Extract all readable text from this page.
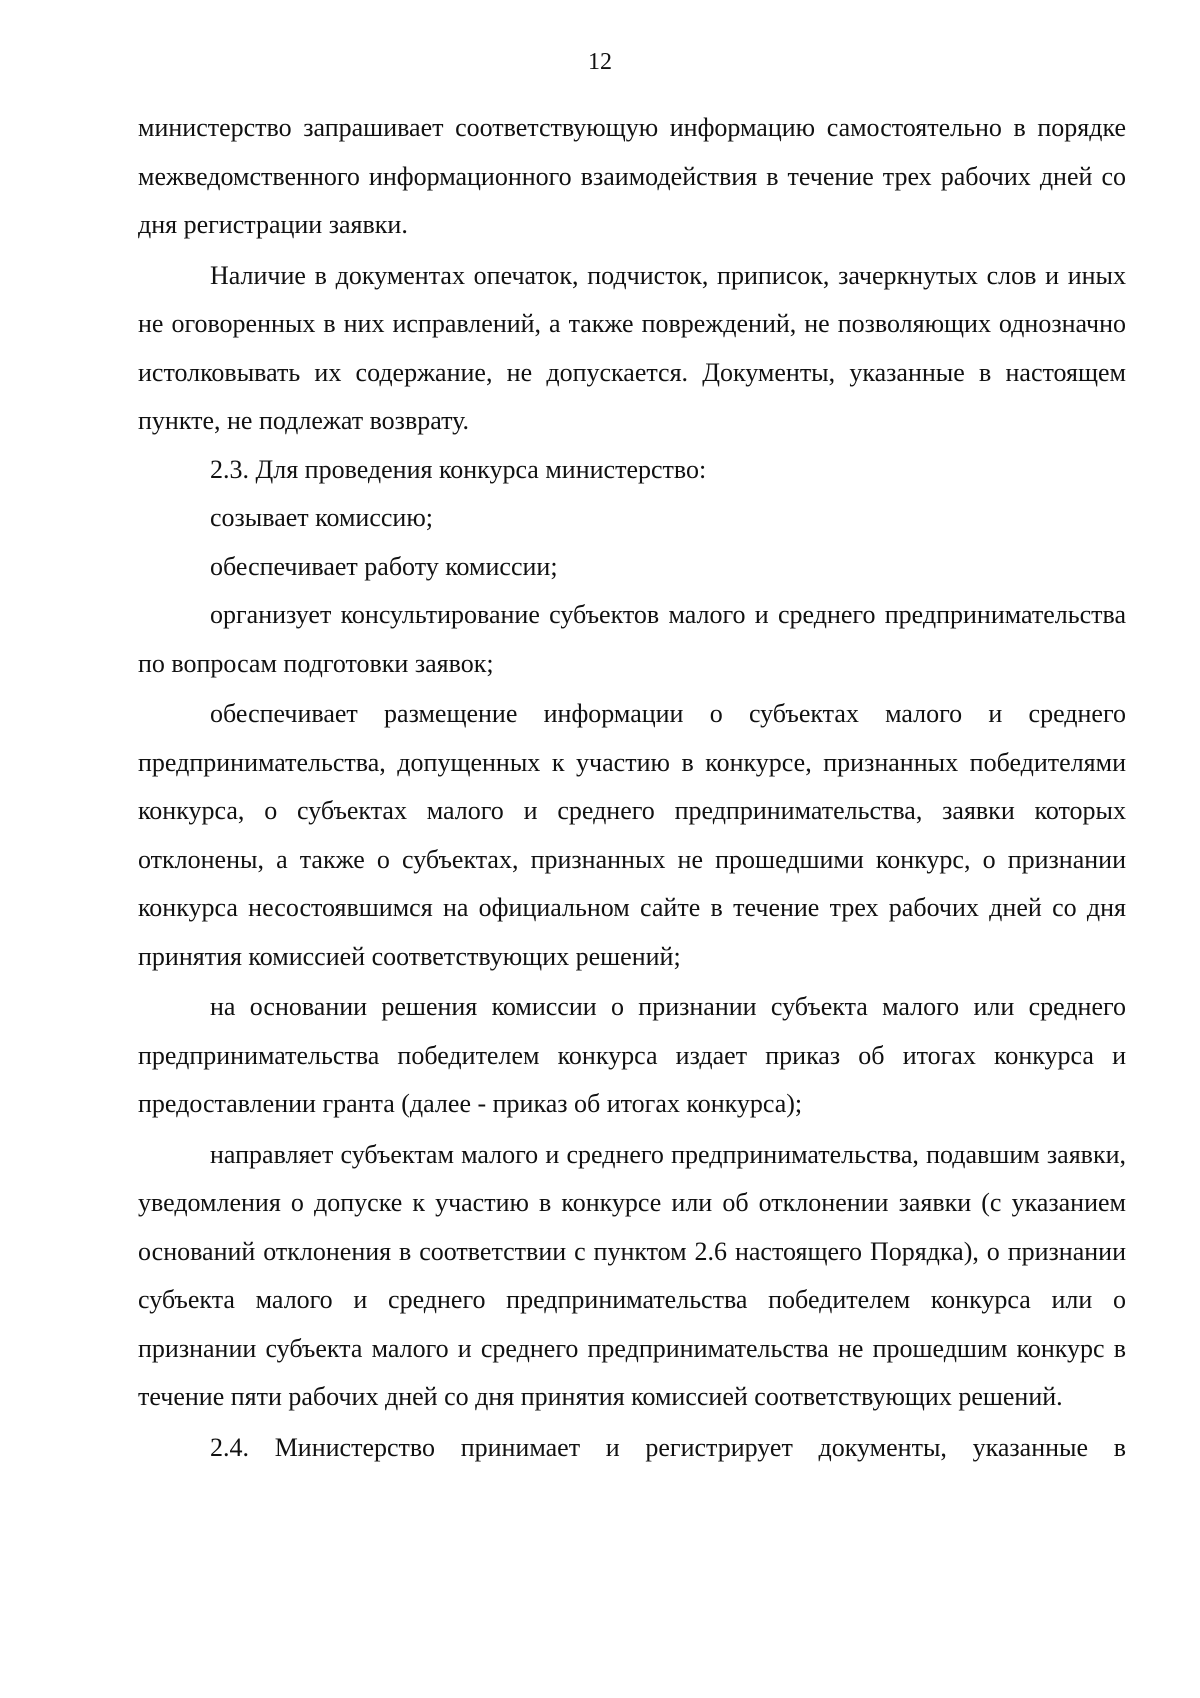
12

министерство запрашивает соответствующую информацию самостоятельно в порядке межведомственного информационного взаимодействия в течение трех рабочих дней со дня регистрации заявки.

Наличие в документах опечаток, подчисток, приписок, зачеркнутых слов и иных не оговоренных в них исправлений, а также повреждений, не позволяющих однозначно истолковывать их содержание, не допускается. Документы, указанные в настоящем пункте, не подлежат возврату.

2.3. Для проведения конкурса министерство:

созывает комиссию;

обеспечивает работу комиссии;

организует консультирование субъектов малого и среднего предпринимательства по вопросам подготовки заявок;

обеспечивает размещение информации о субъектах малого и среднего предпринимательства, допущенных к участию в конкурсе, признанных победителями конкурса, о субъектах малого и среднего предпринимательства, заявки которых отклонены, а также о субъектах, признанных не прошедшими конкурс, о признании конкурса несостоявшимся на официальном сайте в течение трех рабочих дней со дня принятия комиссией соответствующих решений;

на основании решения комиссии о признании субъекта малого или среднего предпринимательства победителем конкурса издает приказ об итогах конкурса и предоставлении гранта (далее - приказ об итогах конкурса);

направляет субъектам малого и среднего предпринимательства, подавшим заявки, уведомления о допуске к участию в конкурсе или об отклонении заявки (с указанием оснований отклонения в соответствии с пунктом 2.6 настоящего Порядка), о признании субъекта малого и среднего предпринимательства победителем конкурса или о признании субъекта малого и среднего предпринимательства не прошедшим конкурс в течение пяти рабочих дней со дня принятия комиссией соответствующих решений.

2.4. Министерство принимает и регистрирует документы, указанные в
